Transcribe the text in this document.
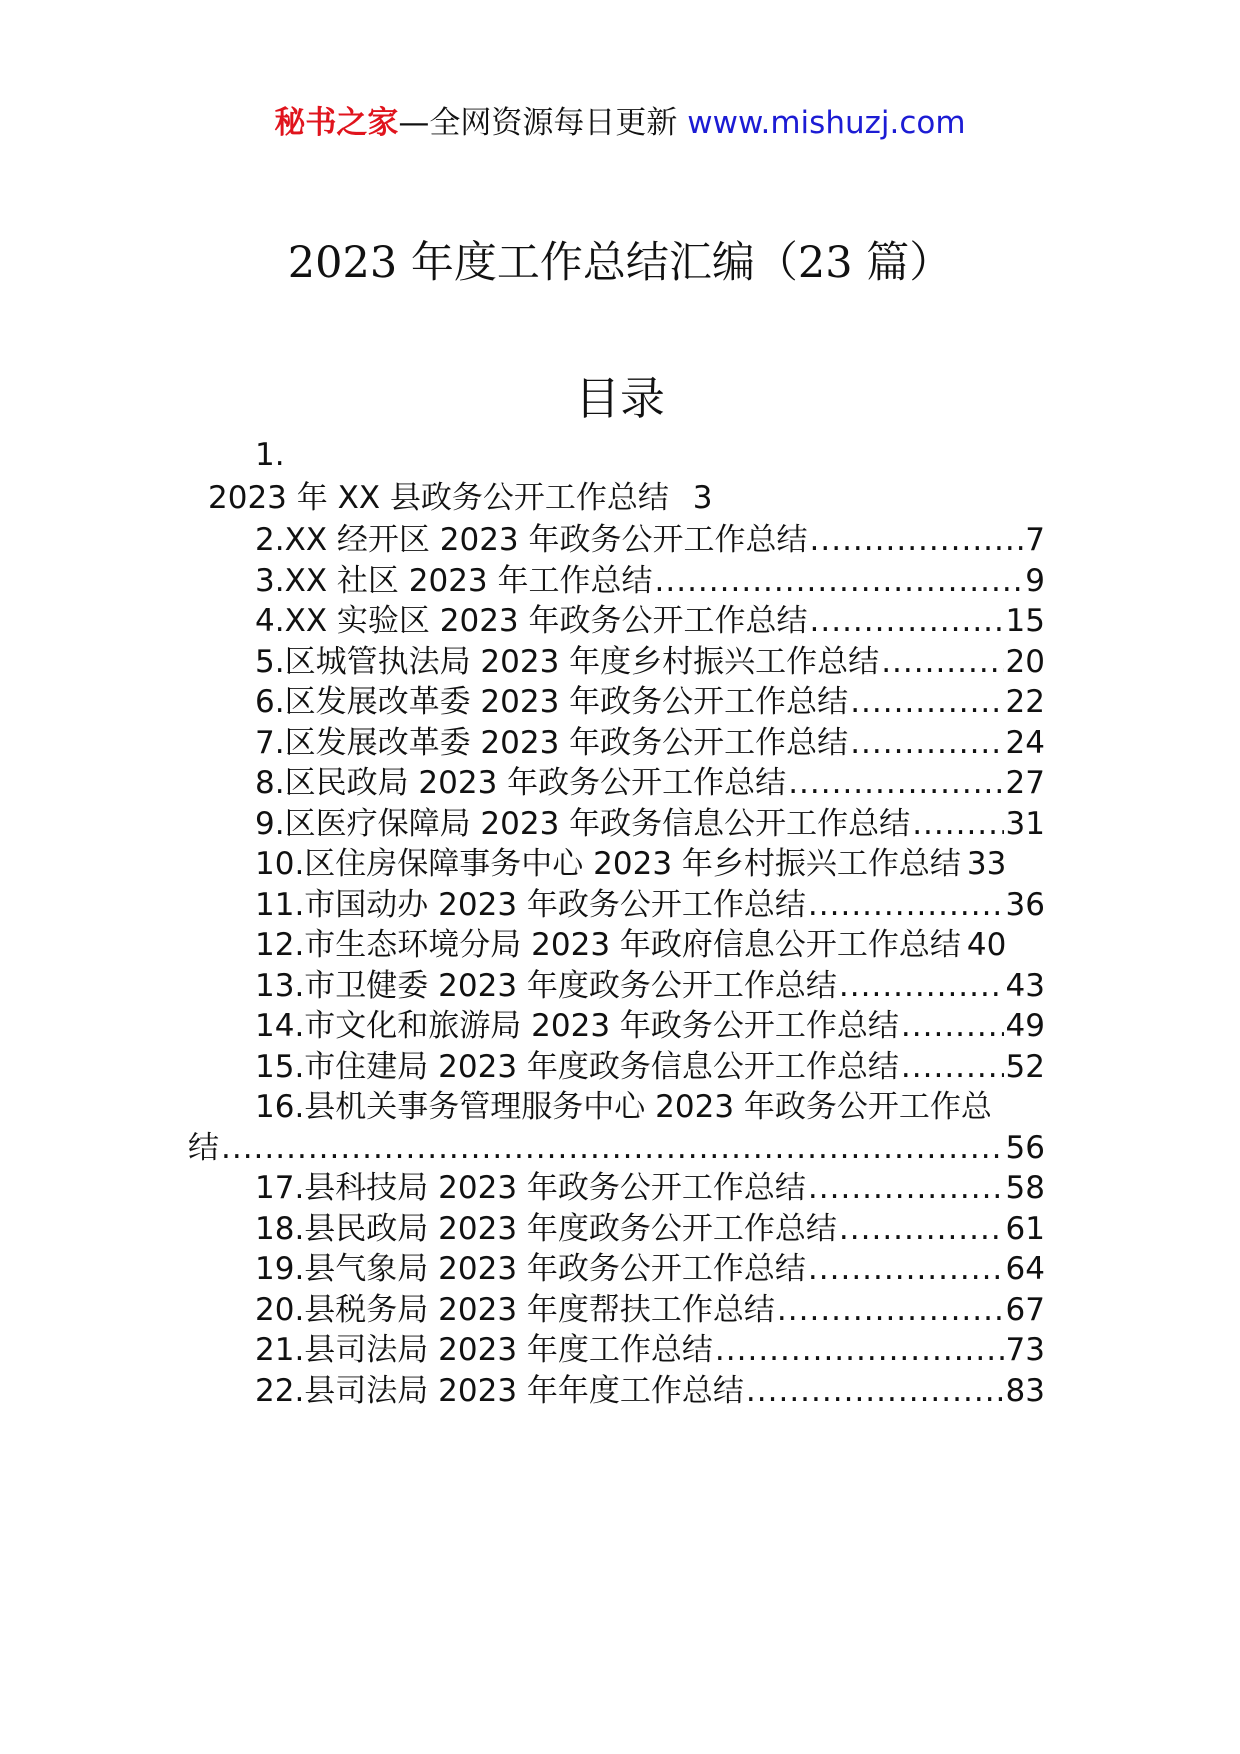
秘书之家—全网资源每日更新 www.mishuzj.com
2023 年度工作总结汇编（23 篇）
目录
1.
2023 年 XX 县政务公开工作总结 3
2.XX 经开区 2023 年政务公开工作总结 .....	7
3.XX 社区 2023 年工作总结 .....	9
4.XX 实验区 2023 年政务公开工作总结 .....	15
5.区城管执法局 2023 年度乡村振兴工作总结 .....	20
6.区发展改革委 2023 年政务公开工作总结 .....	22
7.区发展改革委 2023 年政务公开工作总结 .....	24
8.区民政局 2023 年政务公开工作总结 .....	27
9.区医疗保障局 2023 年政务信息公开工作总结 .....	31
10.区住房保障事务中心 2023 年乡村振兴工作总结 33
11.市国动办 2023 年政务公开工作总结 .....	36
12.市生态环境分局 2023 年政府信息公开工作总结 40
13.市卫健委 2023 年度政务公开工作总结 .....	43
14.市文化和旅游局 2023 年政务公开工作总结 .....	49
15.市住建局 2023 年度政务信息公开工作总结 .....	52
16.县机关事务管理服务中心 2023 年政务公开工作总
结 .....	56
17.县科技局 2023 年政务公开工作总结 .....	58
18.县民政局 2023 年度政务公开工作总结 .....	61
19.县气象局 2023 年政务公开工作总结 .....	64
20.县税务局 2023 年度帮扶工作总结 .....	67
21.县司法局 2023 年度工作总结 .....	73
22.县司法局 2023 年年度工作总结 .....	83
